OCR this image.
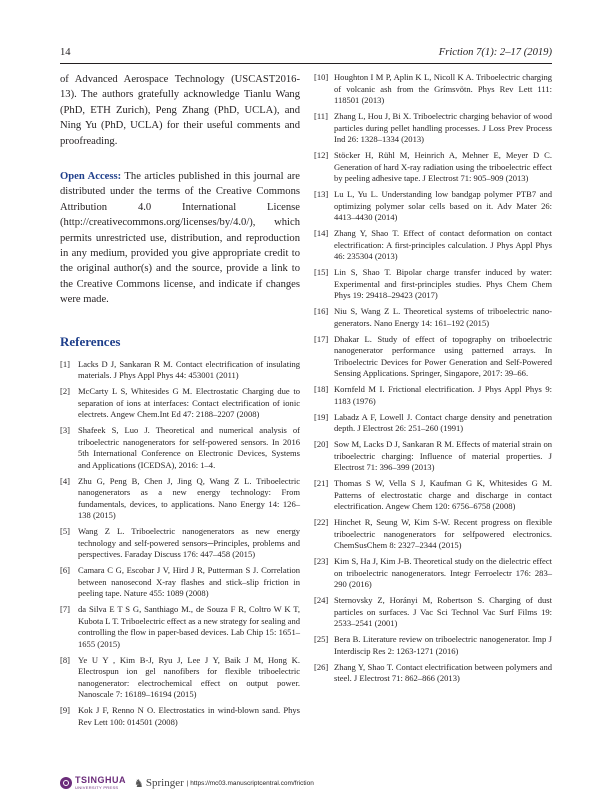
14	Friction 7(1): 2–17 (2019)

of Advanced Aerospace Technology (USCAST2016-13). The authors gratefully acknowledge Tianlu Wang (PhD, ETH Zurich), Peng Zhang (PhD, UCLA), and Ning Yu (PhD, UCLA) for their useful comments and proofreading.

Open Access: The articles published in this journal are distributed under the terms of the Creative Commons Attribution 4.0 International License (http://creativecommons.org/licenses/by/4.0/), which permits unrestricted use, distribution, and reproduction in any medium, provided you give appropriate credit to the original author(s) and the source, provide a link to the Creative Commons license, and indicate if changes were made.

References
[1] Lacks D J, Sankaran R M. Contact electrification of insulating materials. J Phys Appl Phys 44: 453001 (2011)
[2] McCarty L S, Whitesides G M. Electrostatic Charging due to separation of ions at interfaces: Contact electrification of ionic electrets. Angew Chem.Int Ed 47: 2188–2207 (2008)
[3] Shafeek S, Luo J. Theoretical and numerical analysis of triboelectric nanogenerators for self-powered sensors. In 2016 5th International Conference on Electronic Devices, Systems and Applications (ICEDSA), 2016: 1–4.
[4] Zhu G, Peng B, Chen J, Jing Q, Wang Z L. Triboelectric nanogenerators as a new energy technology: From fundamentals, devices, to applications. Nano Energy 14: 126–138 (2015)
[5] Wang Z L. Triboelectric nanogenerators as new energy technology and self-powered sensors─Principles, problems and perspectives. Faraday Discuss 176: 447–458 (2015)
[6] Camara C G, Escobar J V, Hird J R, Putterman S J. Correlation between nanosecond X-ray flashes and stick–slip friction in peeling tape. Nature 455: 1089 (2008)
[7] da Silva E T S G, Santhiago M., de Souza F R, Coltro W K T, Kubota L T. Triboelectric effect as a new strategy for sealing and controlling the flow in paper-based devices. Lab Chip 15: 1651–1655 (2015)
[8] Ye U Y , Kim B-J, Ryu J, Lee J Y, Baik J M, Hong K. Electrospun ion gel nanofibers for flexible triboelectric nanogenerator: electrochemical effect on output power. Nanoscale 7: 16189–16194 (2015)
[9] Kok J F, Renno N O. Electrostatics in wind-blown sand. Phys Rev Lett 100: 014501 (2008)
[10] Houghton I M P, Aplin K L, Nicoll K A. Triboelectric charging of volcanic ash from the Grímsvötn. Phys Rev Lett 111: 118501 (2013)
[11] Zhang L, Hou J, Bi X. Triboelectric charging behavior of wood particles during pellet handling processes. J Loss Prev Process Ind 26: 1328–1334 (2013)
[12] Stöcker H, Rühl M, Heinrich A, Mehner E, Meyer D C. Generation of hard X-ray radiation using the triboelectric effect by peeling adhesive tape. J Electrost 71: 905–909 (2013)
[13] Lu L, Yu L. Understanding low bandgap polymer PTB7 and optimizing polymer solar cells based on it. Adv Mater 26: 4413–4430 (2014)
[14] Zhang Y, Shao T. Effect of contact deformation on contact electrification: A first-principles calculation. J Phys Appl Phys 46: 235304 (2013)
[15] Lin S, Shao T. Bipolar charge transfer induced by water: Experimental and first-principles studies. Phys Chem Chem Phys 19: 29418–29423 (2017)
[16] Niu S, Wang Z L. Theoretical systems of triboelectric nano-generators. Nano Energy 14: 161–192 (2015)
[17] Dhakar L. Study of effect of topography on triboelectric nanogenerator performance using patterned arrays. In Triboelectric Devices for Power Generation and Self-Powered Sensing Applications. Springer, Singapore, 2017: 39–66.
[18] Kornfeld M I. Frictional electrification. J Phys Appl Phys 9: 1183 (1976)
[19] Labadz A F, Lowell J. Contact charge density and penetration depth. J Electrost 26: 251–260 (1991)
[20] Sow M, Lacks D J, Sankaran R M. Effects of material strain on triboelectric charging: Influence of material properties. J Electrost 71: 396–399 (2013)
[21] Thomas S W, Vella S J, Kaufman G K, Whitesides G M. Patterns of electrostatic charge and discharge in contact electrification. Angew Chem 120: 6756–6758 (2008)
[22] Hinchet R, Seung W, Kim S-W. Recent progress on flexible triboelectric nanogenerators for selfpowered electronics. ChemSusChem 8: 2327–2344 (2015)
[23] Kim S, Ha J, Kim J-B. Theoretical study on the dielectric effect on triboelectric nanogenerators. Integr Ferroelectr 176: 283–290 (2016)
[24] Sternovsky Z, Horányi M, Robertson S. Charging of dust particles on surfaces. J Vac Sci Technol Vac Surf Films 19: 2533–2541 (2001)
[25] Bera B. Literature review on triboelectric nanogenerator. Imp J Interdiscip Res 2: 1263-1271 (2016)
[26] Zhang Y, Shao T. Contact electrification between polymers and steel. J Electrost 71: 862–866 (2013)
TSINGHUA
UNIVERSITY PRESS	♞ Springer | https://mc03.manuscriptcentral.com/friction
